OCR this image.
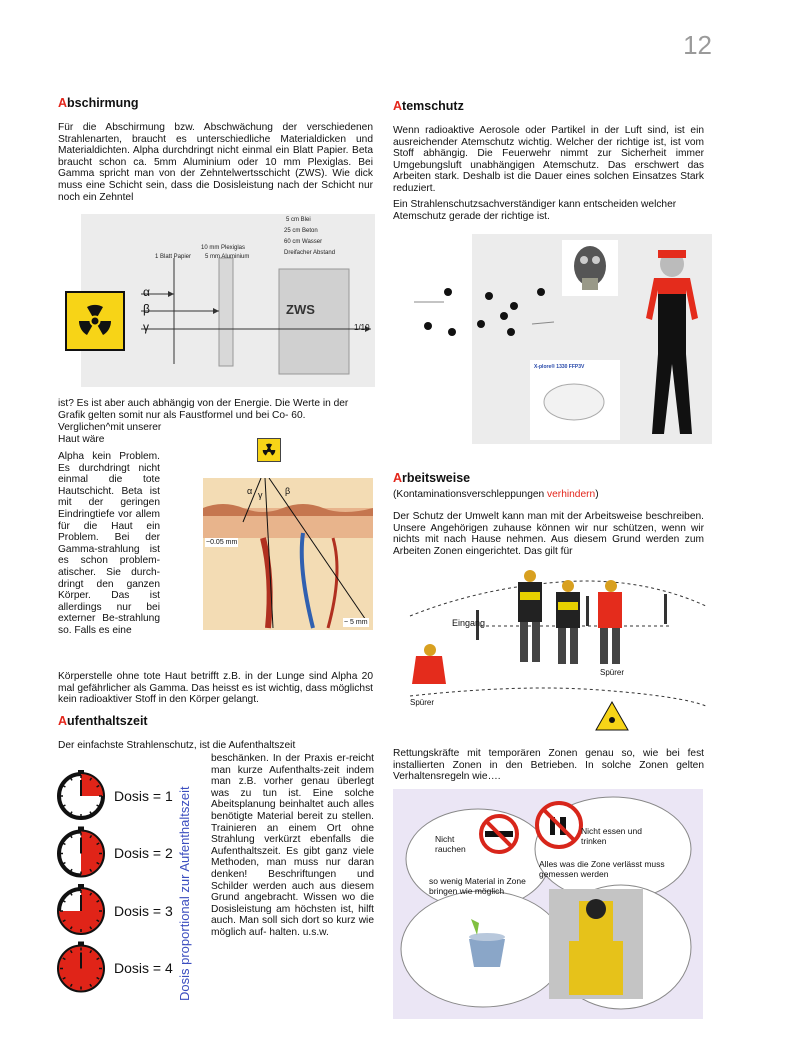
12
Abschirmung

Für die Abschirmung bzw. Abschwächung der verschiedenen Strahlenarten, braucht es unterschiedliche Materialdicken und Materialdichten. Alpha durchdringt nicht einmal ein Blatt Papier. Beta braucht schon ca. 5mm Aluminium oder 10 mm Plexiglas. Bei Gamma spricht man von der Zehntelwertsschicht (ZWS). Wie dick muss eine Schicht sein, dass die Dosisleistung nach der Schicht nur noch ein Zehntel

1 Blatt Papier
10 mm Plexiglas
5 mm Aluminium
5 cm Blei
25 cm Beton
60 cm Wasser
Dreifacher Abstand
α
β
γ
ZWS
1/10

ist? Es ist aber auch abhängig von der Energie. Die Werte in der Grafik gelten somit nur als Faustformel und bei Co- 60.

Verglichen^mit unserer

Haut wäre

Alpha kein Problem. Es durchdringt nicht einmal die tote Hautschicht. Beta ist mit der geringen Eindringtiefe vor allem für die Haut ein Problem. Bei der Gamma-strahlung ist es schon problem-atischer. Sie durch-dringt den ganzen Körper. Das ist allerdings nur bei externer Be-strahlung so. Falls es eine

α γ	β
~0.05 mm
~ 5 mm

Körperstelle ohne tote Haut betrifft z.B. in der Lunge sind Alpha 20 mal gefährlicher als Gamma. Das heisst es ist wichtig, dass möglichst kein radioaktiver Stoff in den Körper gelangt.

Aufenthaltszeit

Der einfachste Strahlenschutz, ist die Aufenthaltszeit

beschänken. In der Praxis er-reicht man kurze Aufenthalts-zeit indem man z.B. vorher genau überlegt was zu tun ist. Eine solche Abeitsplanung beinhaltet auch alles benötigte Material bereit zu stellen. Trainieren an einem Ort ohne Strahlung verkürzt ebenfalls die Aufenthaltszeit. Es gibt ganz viele Methoden, man muss nur daran denken! Beschriftungen und Schilder werden auch aus diesem Grund angebracht. Wissen wo die Dosisleistung am höchsten ist, hilft auch. Man soll sich dort so kurz wie möglich auf- halten. u.s.w.

Dosis = 1
Dosis = 2
Dosis = 3
Dosis = 4 Dosis proportional zur Aufenthaltszeit
Atemschutz

Wenn radioaktive Aerosole oder Partikel in der Luft sind, ist ein ausreichender Atemschutz wichtig. Welcher der richtige ist, ist vom Stoff abhängig. Die Feuerwehr nimmt zur Sicherheit immer Umgebungsluft unabhängigen Atemschutz. Das erschwert das Arbeiten stark. Deshalb ist die Dauer eines solchen Einsatzes Stark reduziert.

Ein Strahlenschutzsachverständiger kann entscheiden welcher Atemschutz gerade der richtige ist.

X-plore® 1330 FFP3V
Arbeitsweise

(Kontaminationsverschleppungen verhindern)

Der Schutz der Umwelt kann man mit der Arbeitsweise beschreiben. Unsere Angehörigen zuhause können wir nur schützen, wenn wir nichts mit nach Hause nehmen. Aus diesem Grund werden zum Arbeiten Zonen eingerichtet. Das gilt für

Eingang
Spürer
Spürer

Rettungskräfte mit temporären Zonen genau so, wie bei fest installierten Zonen in den Betrieben. In solche Zonen gelten Verhaltensregeln wie….

Nicht rauchen
Nicht essen und trinken
so wenig Material in Zone bringen wie möglich
Alles was die Zone verlässt muss gemessen werden
